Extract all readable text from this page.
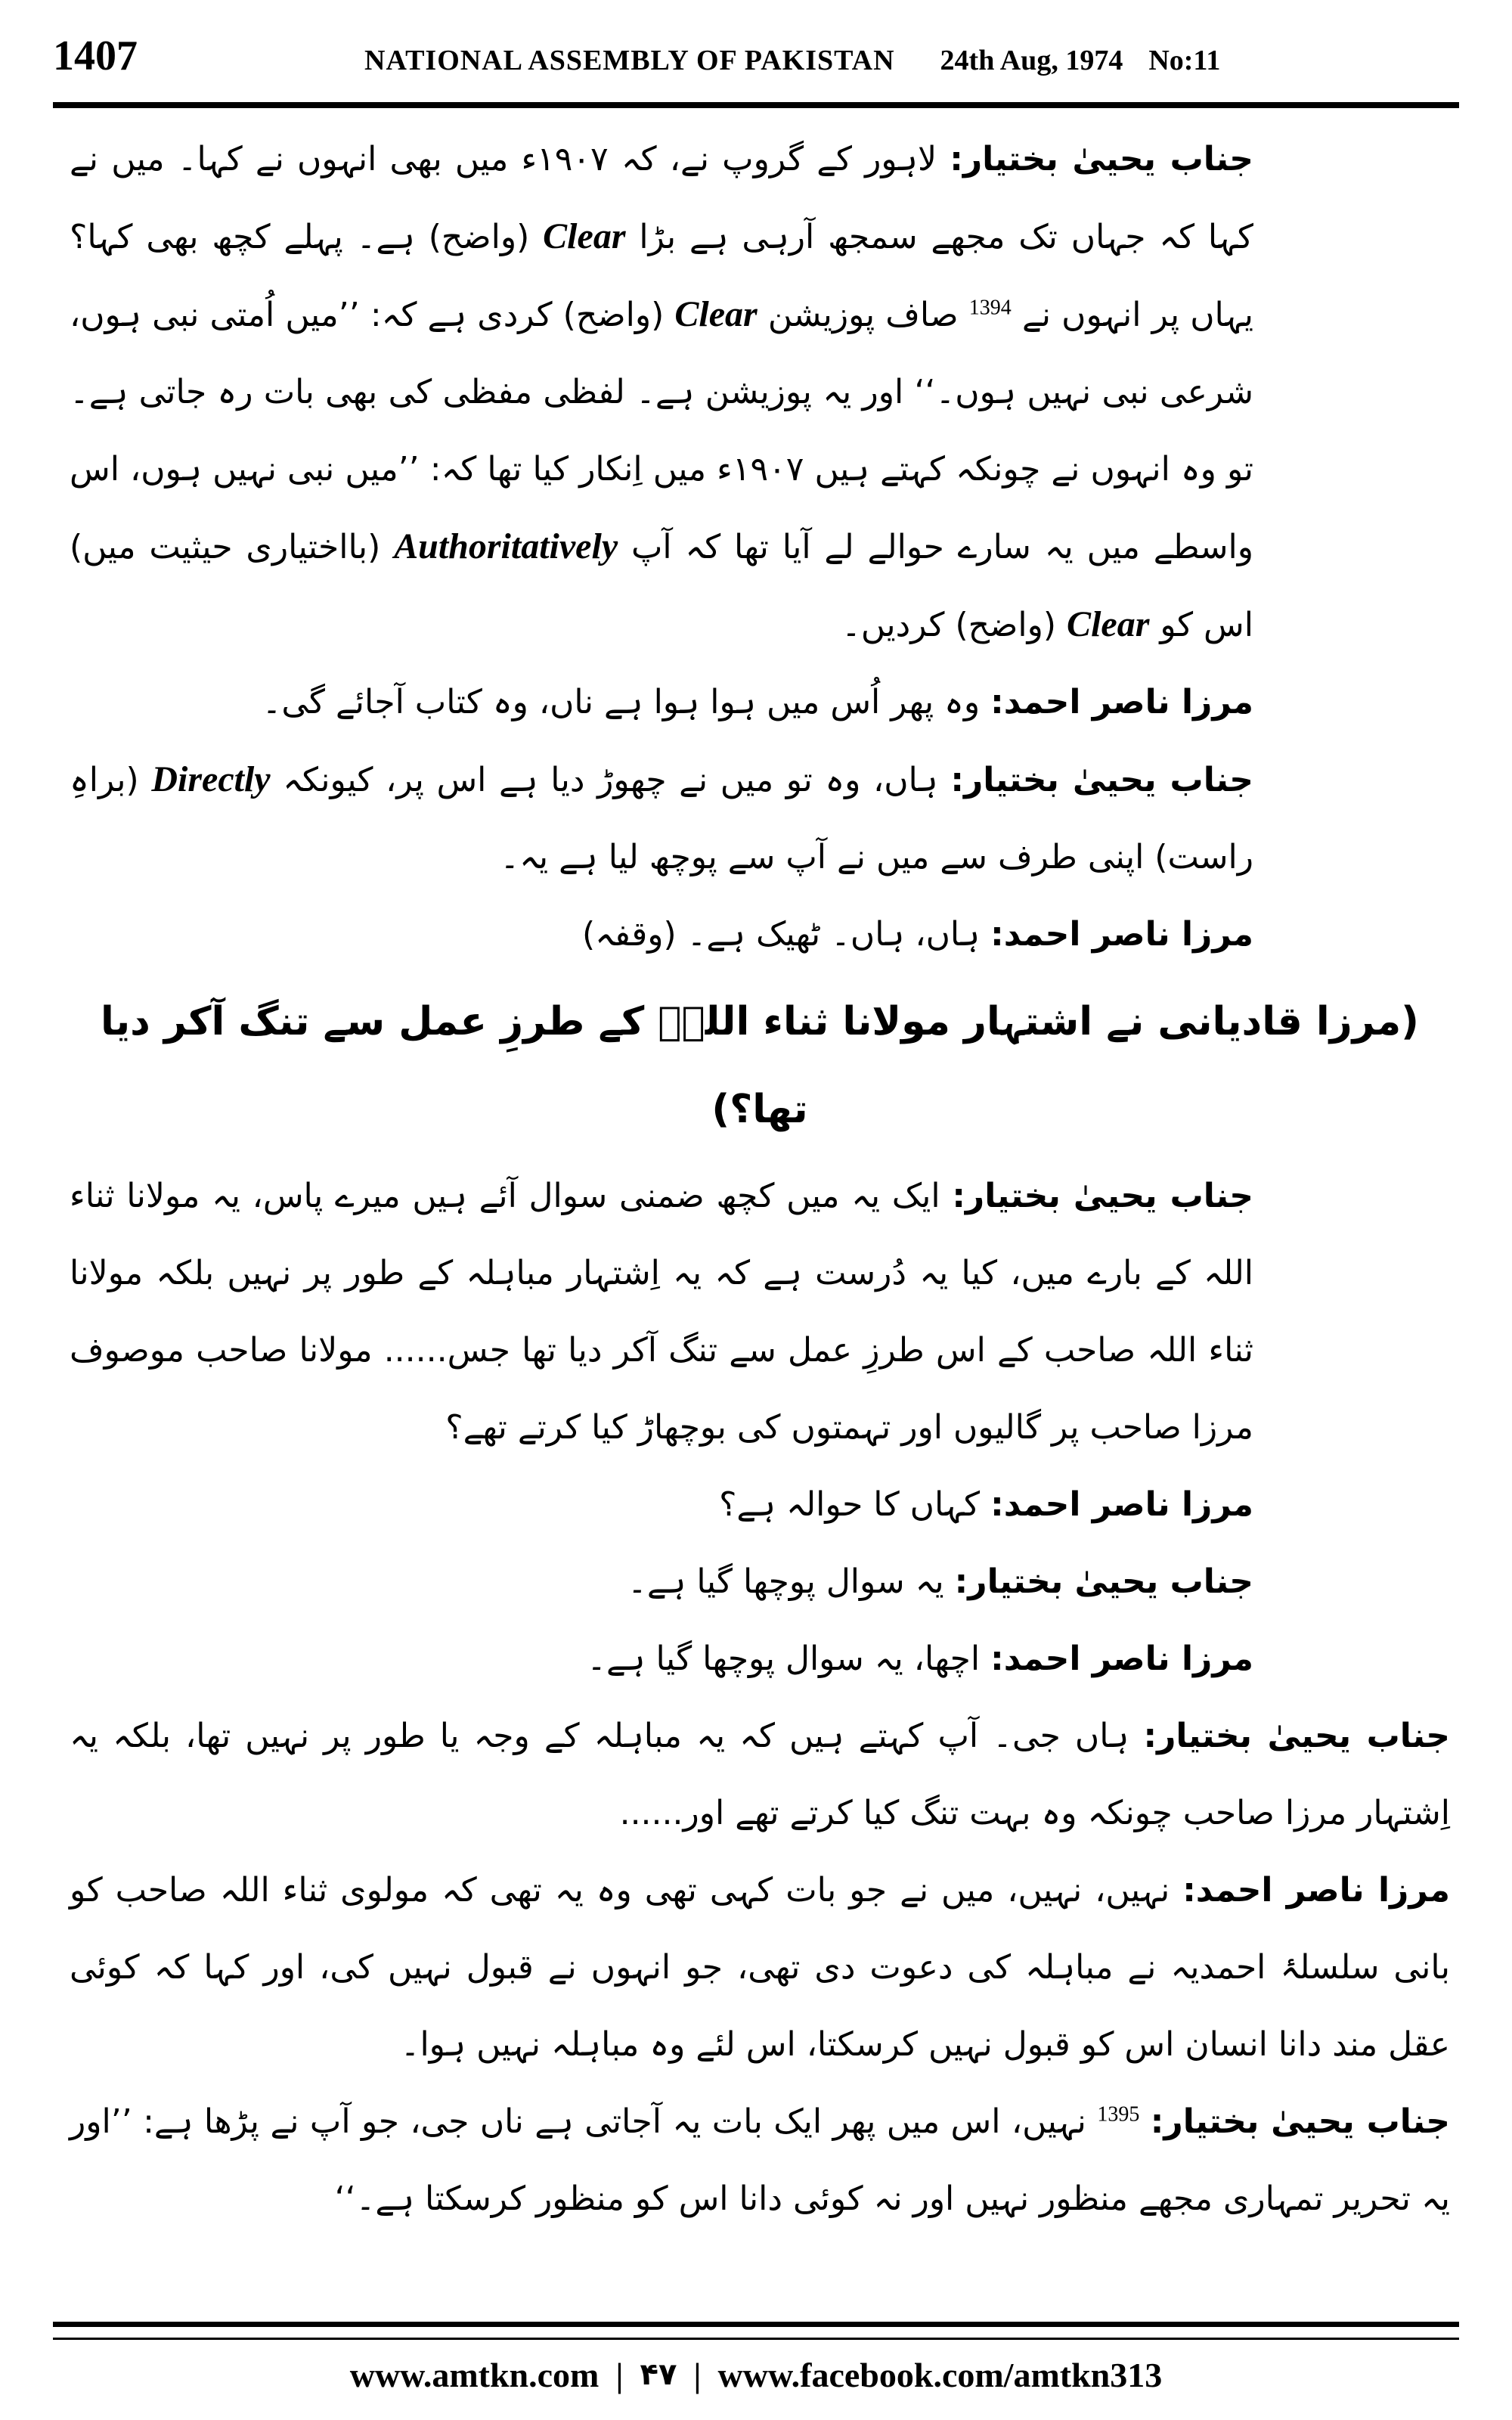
1407	NATIONAL ASSEMBLY OF PAKISTAN 24th Aug, 1974 No:11

جناب یحییٰ بختیار: لاہور کے گروپ نے، کہ ۱۹۰۷ء میں بھی انہوں نے کہا۔ میں نے کہا کہ جہاں تک مجھے سمجھ آرہی ہے بڑا Clear (واضح) ہے۔ پہلے کچھ بھی کہا؟ یہاں پر انہوں نے $^{1394}$ صاف پوزیشن Clear (واضح) کردی ہے کہ: ’’میں اُمتی نبی ہوں، شرعی نبی نہیں ہوں۔‘‘ اور یہ پوزیشن ہے۔ لفظی مفظی کی بھی بات رہ جاتی ہے۔ تو وہ انہوں نے چونکہ کہتے ہیں ۱۹۰۷ء میں اِنکار کیا تھا کہ: ’’میں نبی نہیں ہوں، اس واسطے میں یہ سارے حوالے لے آیا تھا کہ آپ Authoritatively (بااختیاری حیثیت میں) اس کو Clear (واضح) کردیں۔

مرزا ناصر احمد: وہ پھر اُس میں ہوا ہوا ہے ناں، وہ کتاب آجائے گی۔

جناب یحییٰ بختیار: ہاں، وہ تو میں نے چھوڑ دیا ہے اس پر، کیونکہ Directly (براہِ راست) اپنی طرف سے میں نے آپ سے پوچھ لیا ہے یہ۔

مرزا ناصر احمد: ہاں، ہاں۔ ٹھیک ہے۔ (وقفہ)

(مرزا قادیانی نے اشتہار مولانا ثناء اللہؒ کے طرزِ عمل سے تنگ آکر دیا تھا؟)

جناب یحییٰ بختیار: ایک یہ میں کچھ ضمنی سوال آئے ہیں میرے پاس، یہ مولانا ثناء اللہ کے بارے میں، کیا یہ دُرست ہے کہ یہ اِشتہار مباہلہ کے طور پر نہیں بلکہ مولانا ثناء اللہ صاحب کے اس طرزِ عمل سے تنگ آکر دیا تھا جس...... مولانا صاحب موصوف مرزا صاحب پر گالیوں اور تہمتوں کی بوچھاڑ کیا کرتے تھے؟

مرزا ناصر احمد: کہاں کا حوالہ ہے؟

جناب یحییٰ بختیار: یہ سوال پوچھا گیا ہے۔

مرزا ناصر احمد: اچھا، یہ سوال پوچھا گیا ہے۔

جناب یحییٰ بختیار: ہاں جی۔ آپ کہتے ہیں کہ یہ مباہلہ کے وجہ یا طور پر نہیں تھا، بلکہ یہ اِشتہار مرزا صاحب چونکہ وہ بہت تنگ کیا کرتے تھے اور......

مرزا ناصر احمد: نہیں، نہیں، میں نے جو بات کہی تھی وہ یہ تھی کہ مولوی ثناء اللہ صاحب کو بانی سلسلۂ احمدیہ نے مباہلہ کی دعوت دی تھی، جو انہوں نے قبول نہیں کی، اور کہا کہ کوئی عقل مند دانا انسان اس کو قبول نہیں کرسکتا، اس لئے وہ مباہلہ نہیں ہوا۔

جناب یحییٰ بختیار: $^{1395}$ نہیں، اس میں پھر ایک بات یہ آجاتی ہے ناں جی، جو آپ نے پڑھا ہے: ’’اور یہ تحریر تمہاری مجھے منظور نہیں اور نہ کوئی دانا اس کو منظور کرسکتا ہے۔‘‘

www.amtkn.com | ۴۷ | www.facebook.com/amtkn313
